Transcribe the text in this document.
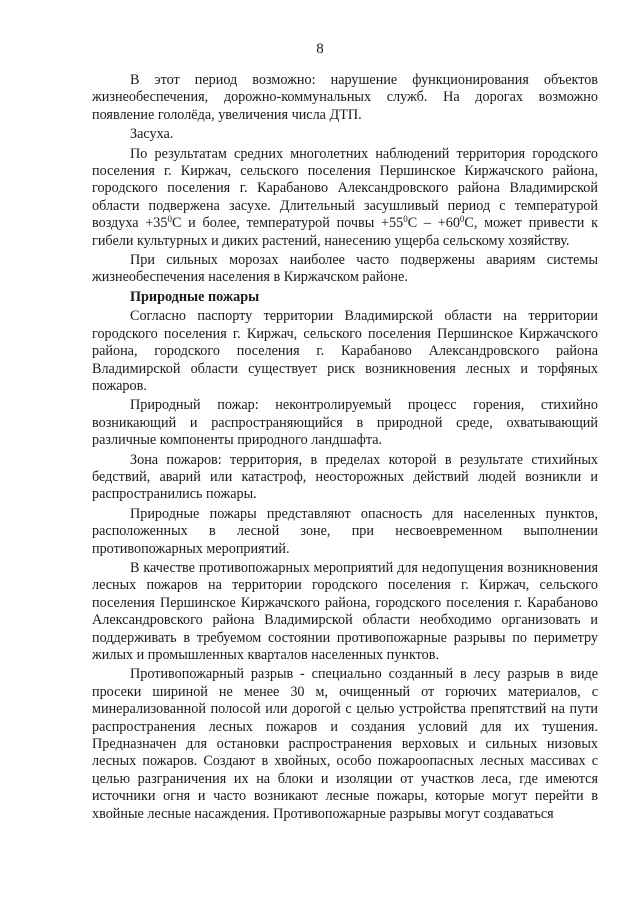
8

В этот период возможно: нарушение функционирования объектов жизнеобеспечения, дорожно-коммунальных служб. На дорогах возможно появление гололёда, увеличения числа ДТП.

Засуха.

По результатам средних многолетних наблюдений территория городского поселения г. Киржач, сельского поселения Першинское Киржачского района, городского поселения г. Карабаново Александровского района Владимирской области подвержена засухе. Длительный засушливый период с температурой воздуха $+35^0С$ и более, температурой почвы $+55^0С - +60^0С$, может привести к гибели культурных и диких растений, нанесению ущерба сельскому хозяйству.

При сильных морозах наиболее часто подвержены авариям системы жизнеобеспечения населения в Киржачском районе.

Природные пожары

Согласно паспорту территории Владимирской области на территории городского поселения г. Киржач, сельского поселения Першинское Киржачского района, городского поселения г. Карабаново Александровского района Владимирской области существует риск возникновения лесных и торфяных пожаров.

Природный пожар: неконтролируемый процесс горения, стихийно возникающий и распространяющийся в природной среде, охватывающий различные компоненты природного ландшафта.

Зона пожаров: территория, в пределах которой в результате стихийных бедствий, аварий или катастроф, неосторожных действий людей возникли и распространились пожары.

Природные пожары представляют опасность для населенных пунктов, расположенных в лесной зоне, при несвоевременном выполнении противопожарных мероприятий.

В качестве противопожарных мероприятий для недопущения возникновения лесных пожаров на территории городского поселения г. Киржач, сельского поселения Першинское Киржачского района, городского поселения г. Карабаново Александровского района Владимирской области необходимо организовать и поддерживать в требуемом состоянии противопожарные разрывы по периметру жилых и промышленных кварталов населенных пунктов.

Противопожарный разрыв - специально созданный в лесу разрыв в виде просеки шириной не менее 30 м, очищенный от горючих материалов, с минерализованной полосой или дорогой с целью устройства препятствий на пути распространения лесных пожаров и создания условий для их тушения. Предназначен для остановки распространения верховых и сильных низовых лесных пожаров. Создают в хвойных, особо пожароопасных лесных массивах с целью разграничения их на блоки и изоляции от участков леса, где имеются источники огня и часто возникают лесные пожары, которые могут перейти в хвойные лесные насаждения. Противопожарные разрывы могут создаваться
